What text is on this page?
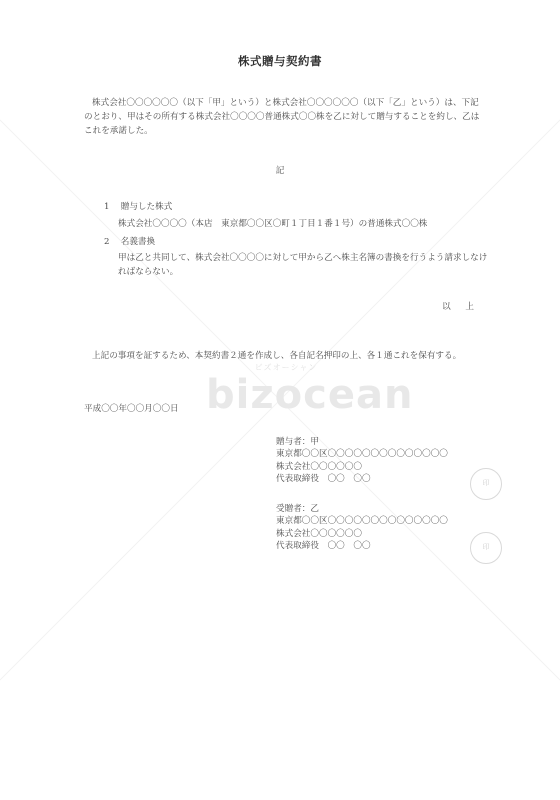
ビズオーシャン
bizocean
株式贈与契約書
株式会社〇〇〇〇〇〇（以下「甲」という）と株式会社〇〇〇〇〇〇（以下「乙」という）は、下記のとおり、甲はその所有する株式会社〇〇〇〇普通株式〇〇株を乙に対して贈与することを約し、乙はこれを承諾した。
記
1 贈与した株式
株式会社〇〇〇〇（本店　東京都〇〇区〇町１丁目１番１号）の普通株式〇〇株
2 名義書換
甲は乙と共同して、株式会社〇〇〇〇に対して甲から乙へ株主名簿の書換を行うよう請求しなければならない。
以 上
上記の事項を証するため、本契約書２通を作成し、各自記名押印の上、各１通これを保有する。
平成〇〇年〇〇月〇〇日
贈与者：甲
東京都〇〇区〇〇〇〇〇〇〇〇〇〇〇〇〇〇
株式会社〇〇〇〇〇〇
代表取締役　〇〇　〇〇	印
受贈者：乙
東京都〇〇区〇〇〇〇〇〇〇〇〇〇〇〇〇〇
株式会社〇〇〇〇〇〇
代表取締役　〇〇　〇〇	印
